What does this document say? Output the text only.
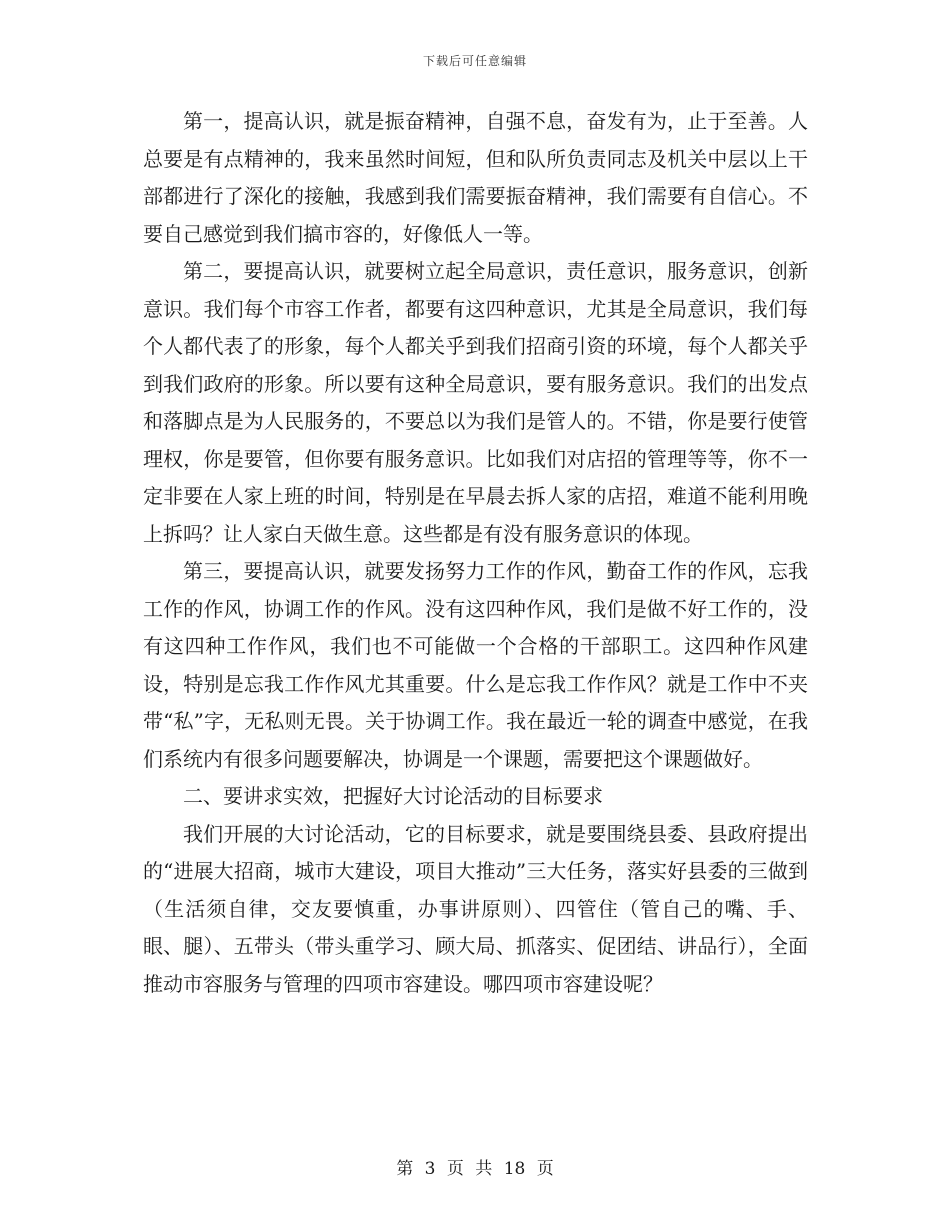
下载后可任意编辑

第一，提高认识，就是振奋精神，自强不息，奋发有为，止于至善。人总要是有点精神的，我来虽然时间短，但和队所负责同志及机关中层以上干部都进行了深化的接触，我感到我们需要振奋精神，我们需要有自信心。不要自己感觉到我们搞市容的，好像低人一等。

第二，要提高认识，就要树立起全局意识，责任意识，服务意识，创新意识。我们每个市容工作者，都要有这四种意识，尤其是全局意识，我们每个人都代表了的形象，每个人都关乎到我们招商引资的环境，每个人都关乎到我们政府的形象。所以要有这种全局意识，要有服务意识。我们的出发点和落脚点是为人民服务的，不要总以为我们是管人的。不错，你是要行使管理权，你是要管，但你要有服务意识。比如我们对店招的管理等等，你不一定非要在人家上班的时间，特别是在早晨去拆人家的店招，难道不能利用晚上拆吗？让人家白天做生意。这些都是有没有服务意识的体现。

第三，要提高认识，就要发扬努力工作的作风，勤奋工作的作风，忘我工作的作风，协调工作的作风。没有这四种作风，我们是做不好工作的，没有这四种工作作风，我们也不可能做一个合格的干部职工。这四种作风建设，特别是忘我工作作风尤其重要。什么是忘我工作作风？就是工作中不夹带“私”字，无私则无畏。关于协调工作。我在最近一轮的调查中感觉，在我们系统内有很多问题要解决，协调是一个课题，需要把这个课题做好。

二、要讲求实效，把握好大讨论活动的目标要求

我们开展的大讨论活动，它的目标要求，就是要围绕县委、县政府提出的“进展大招商，城市大建设，项目大推动”三大任务，落实好县委的三做到（生活须自律，交友要慎重，办事讲原则）、四管住（管自己的嘴、手、眼、腿）、五带头（带头重学习、顾大局、抓落实、促团结、讲品行），全面推动市容服务与管理的四项市容建设。哪四项市容建设呢？

第 3 页 共 18 页
